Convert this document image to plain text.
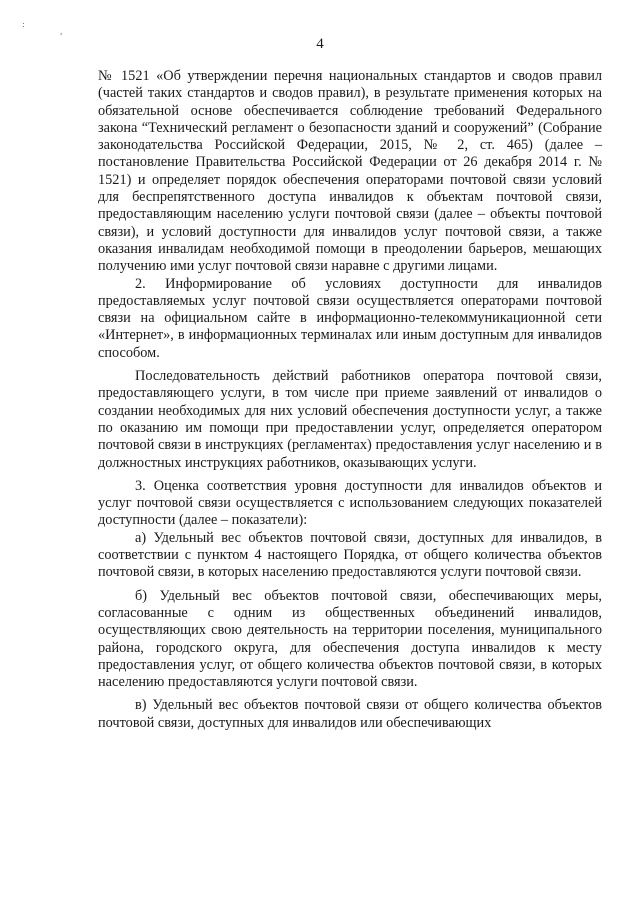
:
'	4

№ 1521 «Об утверждении перечня национальных стандартов и сводов правил (частей таких стандартов и сводов правил), в результате применения которых на обязательной основе обеспечивается соблюдение требований Федерального закона “Технический регламент о безопасности зданий и сооружений” (Собрание законодательства Российской Федерации, 2015, № 2, ст. 465) (далее – постановление Правительства Российской Федерации от 26 декабря 2014 г. № 1521) и определяет порядок обеспечения операторами почтовой связи условий для беспрепятственного доступа инвалидов к объектам почтовой связи, предоставляющим населению услуги почтовой связи (далее – объекты почтовой связи), и условий доступности для инвалидов услуг почтовой связи, а также оказания инвалидам необходимой помощи в преодолении барьеров, мешающих получению ими услуг почтовой связи наравне с другими лицами.

2. Информирование об условиях доступности для инвалидов предоставляемых услуг почтовой связи осуществляется операторами почтовой связи на официальном сайте в информационно-телекоммуникационной сети «Интернет», в информационных терминалах или иным доступным для инвалидов способом.

Последовательность действий работников оператора почтовой связи, предоставляющего услуги, в том числе при приеме заявлений от инвалидов о создании необходимых для них условий обеспечения доступности услуг, а также по оказанию им помощи при предоставлении услуг, определяется оператором почтовой связи в инструкциях (регламентах) предоставления услуг населению и в должностных инструкциях работников, оказывающих услуги.

3. Оценка соответствия уровня доступности для инвалидов объектов и услуг почтовой связи осуществляется с использованием следующих показателей доступности (далее – показатели):

а) Удельный вес объектов почтовой связи, доступных для инвалидов, в соответствии с пунктом 4 настоящего Порядка, от общего количества объектов почтовой связи, в которых населению предоставляются услуги почтовой связи.

б) Удельный вес объектов почтовой связи, обеспечивающих меры, согласованные с одним из общественных объединений инвалидов, осуществляющих свою деятельность на территории поселения, муниципального района, городского округа, для обеспечения доступа инвалидов к месту предоставления услуг, от общего количества объектов почтовой связи, в которых населению предоставляются услуги почтовой связи.

в) Удельный вес объектов почтовой связи от общего количества объектов почтовой связи, доступных для инвалидов или обеспечивающих
